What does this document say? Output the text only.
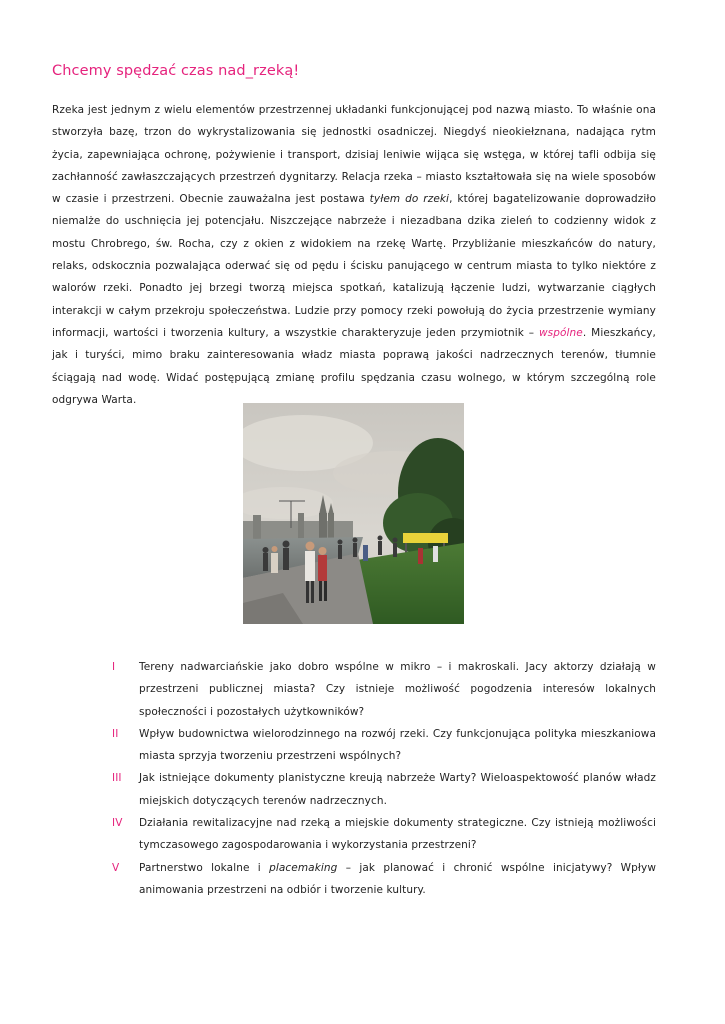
Chcemy spędzać czas nad_rzeką!

Rzeka jest jednym z wielu elementów przestrzennej układanki funkcjonującej pod nazwą miasto. To właśnie ona stworzyła bazę, trzon do wykrystalizowania się jednostki osadniczej. Niegdyś nieokiełznana, nadająca rytm życia, zapewniająca ochronę, pożywienie i transport, dzisiaj leniwie wijąca się wstęga, w której tafli odbija się zachłanność zawłaszczających przestrzeń dygnitarzy. Relacja rzeka – miasto kształtowała się na wiele sposobów w czasie i przestrzeni. Obecnie zauważalna jest postawa tyłem do rzeki, której bagatelizowanie doprowadziło niemalże do uschnięcia jej potencjału. Niszczejące nabrzeże i niezadbana dzika zieleń to codzienny widok z mostu Chrobrego, św. Rocha, czy z okien z widokiem na rzekę Wartę. Przybliżanie mieszkańców do natury, relaks, odskocznia pozwalająca oderwać się od pędu i ścisku panującego w centrum miasta to tylko niektóre z walorów rzeki. Ponadto jej brzegi tworzą miejsca spotkań, katalizują łączenie ludzi, wytwarzanie ciągłych interakcji w całym przekroju społeczeństwa. Ludzie przy pomocy rzeki powołują do życia przestrzenie wymiany informacji, wartości i tworzenia kultury, a wszystkie charakteryzuje jeden przymiotnik – wspólne. Mieszkańcy, jak i turyści, mimo braku zainteresowania władz miasta poprawą jakości nadrzecznych terenów, tłumnie ściągają nad wodę. Widać postępującą zmianę profilu spędzania czasu wolnego, w którym szczególną role odgrywa Warta.

I	Tereny nadwarciańskie jako dobro wspólne w mikro – i makroskali. Jacy aktorzy działają w przestrzeni publicznej miasta? Czy istnieje możliwość pogodzenia interesów lokalnych społeczności i pozostałych użytkowników?
II	Wpływ budownictwa wielorodzinnego na rozwój rzeki. Czy funkcjonująca polityka mieszkaniowa miasta sprzyja tworzeniu przestrzeni wspólnych?
III	Jak istniejące dokumenty planistyczne kreują nabrzeże Warty? Wieloaspektowość planów władz miejskich dotyczących terenów nadrzecznych.
IV	Działania rewitalizacyjne nad rzeką a miejskie dokumenty strategiczne. Czy istnieją możliwości tymczasowego zagospodarowania i wykorzystania przestrzeni?
V	Partnerstwo lokalne i placemaking – jak planować i chronić wspólne inicjatywy? Wpływ animowania przestrzeni na odbiór i tworzenie kultury.
